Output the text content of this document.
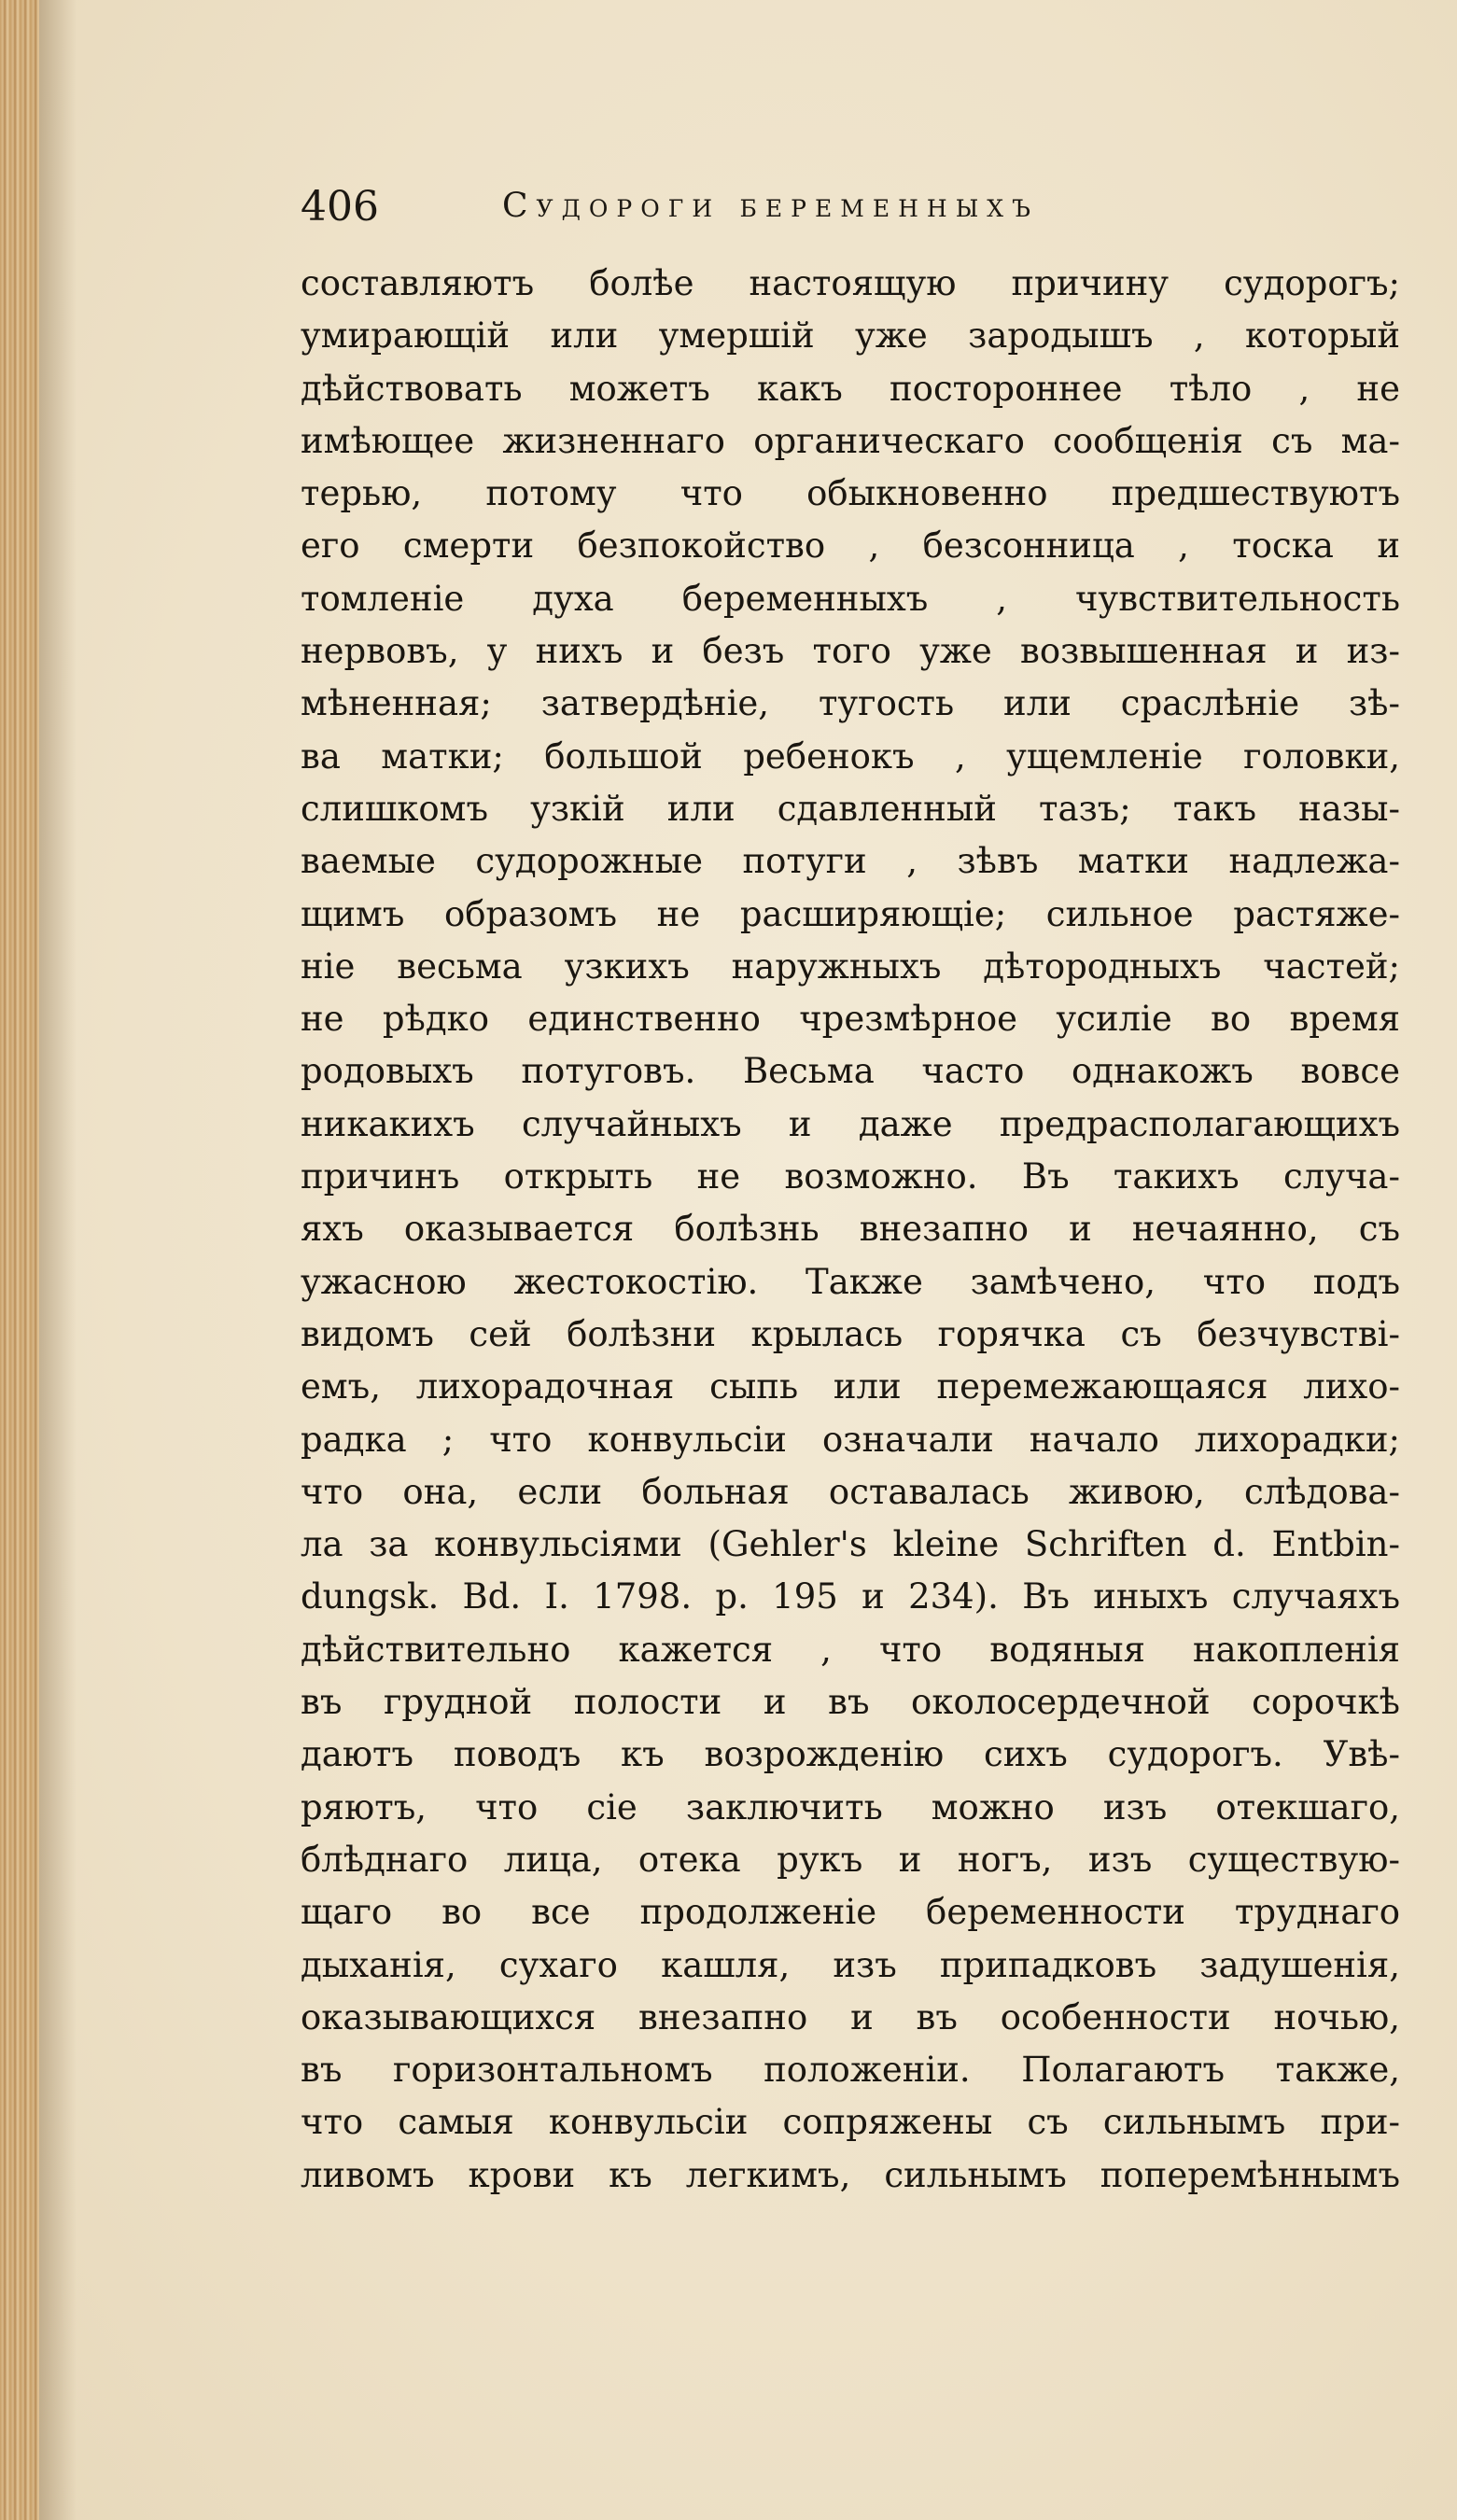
406	Судороги беременныхъ
составляютъ болѣе настоящую причину судорогъ;
умирающій или умершій уже зародышъ , который
дѣйствовать можетъ какъ постороннее тѣло , не
имѣющее жизненнаго органическаго сообщенія съ ма-
терью, потому что обыкновенно предшествуютъ
его смерти безпокойство , безсонница , тоска и
томленіе духа беременныхъ , чувствительность
нервовъ, у нихъ и безъ того уже возвышенная и из-
мѣненная; затвердѣніе, тугость или сраслѣніе зѣ-
ва матки; большой ребенокъ , ущемленіе головки,
слишкомъ узкій или сдавленный тазъ; такъ назы-
ваемые судорожные потуги , зѣвъ матки надлежа-
щимъ образомъ не расширяющіе; сильное растяже-
ніе весьма узкихъ наружныхъ дѣтородныхъ частей;
не рѣдко единственно чрезмѣрное усиліе во время
родовыхъ потуговъ. Весьма часто однакожъ вовсе
никакихъ случайныхъ и даже предрасполагающихъ
причинъ открыть не возможно. Въ такихъ случа-
яхъ оказывается болѣзнь внезапно и нечаянно, съ
ужасною жестокостію. Также замѣчено, что подъ
видомъ сей болѣзни крылась горячка съ безчувствi-
емъ, лихорадочная сыпь или перемежающаяся лихо-
радка ; что конвульсіи означали начало лихорадки;
что она, если больная оставалась живою, слѣдова-
ла за конвульсіями (Gehler's kleine Schriften d. Entbin-
dungsk. Bd. I. 1798. p. 195 и 234). Въ иныхъ случаяхъ
дѣйствительно кажется , что водяныя накопленія
въ грудной полости и въ околосердечной сорочкѣ
даютъ поводъ къ возрожденію сихъ судорогъ. Увѣ-
ряютъ, что сіе заключить можно изъ отекшаго,
блѣднаго лица, отека рукъ и ногъ, изъ существую-
щаго во все продолженіе беременности труднаго
дыханія, сухаго кашля, изъ припадковъ задушенія,
оказывающихся внезапно и въ особенности ночью,
въ горизонтальномъ положеніи. Полагаютъ также,
что самыя конвульсіи сопряжены съ сильнымъ при-
ливомъ крови къ легкимъ, сильнымъ поперемѣннымъ
